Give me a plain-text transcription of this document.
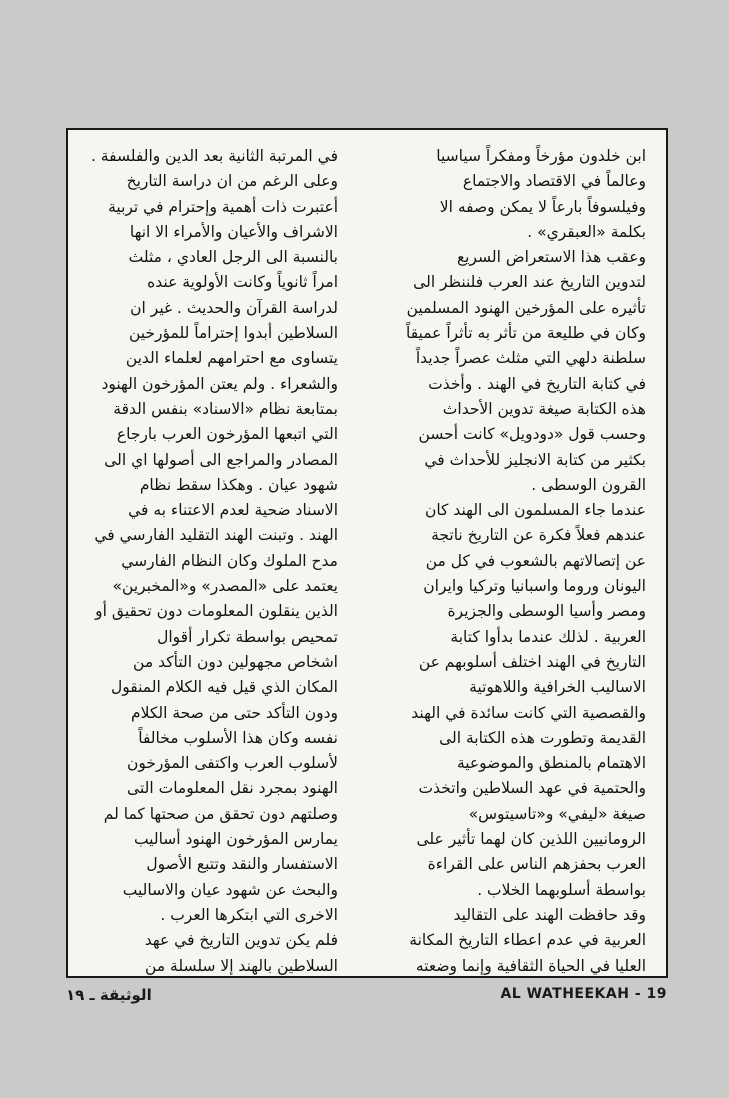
ابن خلدون مؤرخاً ومفكراً سياسيا
وعالماً في الاقتصاد والاجتماع
وفيلسوفاً بارعاً لا يمكن وصفه الا
بكلمة «العبقري» .

وعقب هذا الاستعراض السريع
لتدوين التاريخ عند العرب فلننظر الى
تأثيره على المؤرخين الهنود المسلمين
وكان في طليعة من تأثر به تأثراً عميقاً
سلطنة دلهي التي مثلث عصراً جديداً
في كتابة التاريخ في الهند . وأخذت
هذه الكتابة صيغة تدوين الأحداث
وحسب قول «دودويل» كانت أحسن
بكثير من كتابة الانجليز للأحداث في
القرون الوسطى .

عندما جاء المسلمون الى الهند كان
عندهم فعلاً فكرة عن التاريخ ناتجة
عن إتصالاتهم بالشعوب في كل من
اليونان وروما واسبانيا وتركيا وايران
ومصر وأسيا الوسطى والجزيرة
العربية . لذلك عندما بدأوا كتابة
التاريخ في الهند اختلف أسلوبهم عن
الاساليب الخرافية واللاهوتية
والقصصية التي كانت سائدة في الهند
القديمة وتطورت هذه الكتابة الى
الاهتمام بالمنطق والموضوعية
والحتمية في عهد السلاطين واتخذت
صيغة «ليفي» و«تاسيتوس»
الرومانيين اللذين كان لهما تأثير على
العرب بحفزهم الناس على القراءة
بواسطة أسلوبهما الخلاب .

وقد حافظت الهند على التقاليد
العربية في عدم اعطاء التاريخ المكانة
العليا في الحياة الثقافية وإنما وضعته

في المرتبة الثانية بعد الدين والفلسفة .
وعلى الرغم من ان دراسة التاريخ
أعتبرت ذات أهمية وإحترام في تربية
الاشراف والأعيان والأمراء الا انها
بالنسبة الى الرجل العادي ، مثلث
امراً ثانوياً وكانت الأولوية عنده
لدراسة القرآن والحديث . غير ان
السلاطين أبدوا إحتراماً للمؤرخين
يتساوى مع احترامهم لعلماء الدين
والشعراء . ولم يعتن المؤرخون الهنود
بمتابعة نظام «الاسناد» بنفس الدقة
التي اتبعها المؤرخون العرب بارجاع
المصادر والمراجع الى أصولها اي الى
شهود عيان . وهكذا سقط نظام
الاسناد ضحية لعدم الاعتناء به في
الهند . وتبنت الهند التقليد الفارسي في
مدح الملوك وكان النظام الفارسي
يعتمد على «المصدر» و«المخبرين»
الذين ينقلون المعلومات دون تحقيق أو
تمحيص بواسطة تكرار أقوال
اشخاص مجهولين دون التأكد من
المكان الذي قيل فيه الكلام المنقول
ودون التأكد حتى من صحة الكلام
نفسه وكان هذا الأسلوب مخالفاً
لأسلوب العرب واكتفى المؤرخون
الهنود بمجرد نقل المعلومات التى
وصلتهم دون تحقق من صحتها كما لم
يمارس المؤرخون الهنود أساليب
الاستفسار والنقد وتتبع الأصول
والبحث عن شهود عيان والاساليب
الاخرى التي ابتكرها العرب .

فلم يكن تدوين التاريخ في عهد
السلاطين بالهند إلا سلسلة من

الوثيقة ـ ١٩	AL WATHEEKAH - 19
